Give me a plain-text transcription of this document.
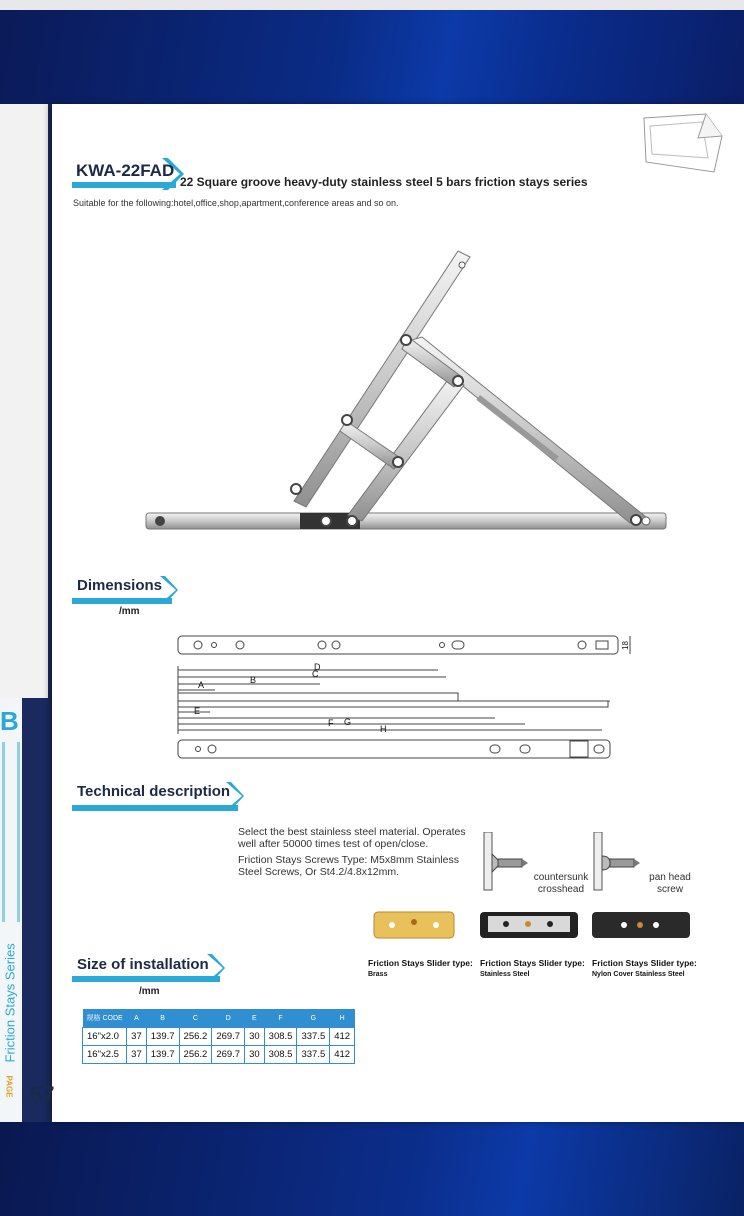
B
Friction Stays Series
KWA-22FAD
22 Square groove heavy-duty stainless steel 5 bars friction stays series
Suitable for the following:hotel,office,shop,apartment,conference areas and so on.
Dimensions
/mm
D
C
B
A
E
F G
H
18
Technical description
Select the best stainless steel material. Operates well after 50000 times test of open/close.
Friction Stays Screws Type: M5x8mm Stainless Steel Screws, Or St4.2/4.8x12mm.	countersunk crosshead
pan head screw
Friction Stays Slider type:
Brass
Friction Stays Slider type:
Stainless Steel
Friction Stays Slider type:
Nylon Cover Stainless Steel
Size of installation
/mm
规格 CODE	A	B	C	D	E	F	G	H
16"x2.0	37	139.7	256.2	269.7	30	308.5	337.5	412
16"x2.5	37	139.7	256.2	269.7	30	308.5	337.5	412
PAGE 57
